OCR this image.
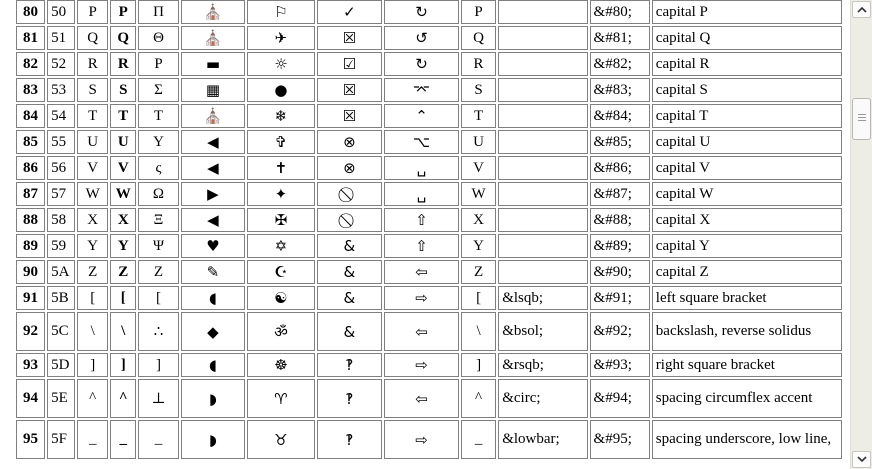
80	50	P	P	Π	⛪	⚐	✓	↻	P		&#80;	capital P
81	51	Q	Q	Θ	⛪	✈	☒	↺	Q		&#81;	capital Q
82	52	R	R	Ρ	▬	☼	☑	↻	R		&#82;	capital R
83	53	S	S	Σ	▦	●	☒	⌤	S		&#83;	capital S
84	54	T	T	Τ	⛪	❄	☒	⌃	T		&#84;	capital T
85	55	U	U	Υ	◀	✞	⊗	⌥	U		&#85;	capital U
86	56	V	V	ς	◀	✝	⊗	␣	V		&#86;	capital V
87	57	W	W	Ω	▶	✦		␣	W		&#87;	capital W
88	58	X	X	Ξ	◀	✠		⇧	X		&#88;	capital X
89	59	Y	Y	Ψ	♥	✡	&	⇧	Y		&#89;	capital Y
90	5A	Z	Z	Ζ	✎	☪	&	⇦	Z		&#90;	capital Z
91	5B	[	[	[	◖	☯	&	⇨	[	&lsqb;	&#91;	left square bracket
92	5C	\	\	∴	◆	ॐ	&	⇦	\	&bsol;	&#92;	backslash, reverse solidus
93	5D	]	]	]	◖	☸	‽	⇨	]	&rsqb;	&#93;	right square bracket
94	5E	^	^	⊥	◗	♈	‽	⇦	^	&circ;	&#94;	spacing circumflex accent
95	5F	_	_	_	◗	♉	‽	⇨	_	&lowbar;	&#95;	spacing underscore, low line,
